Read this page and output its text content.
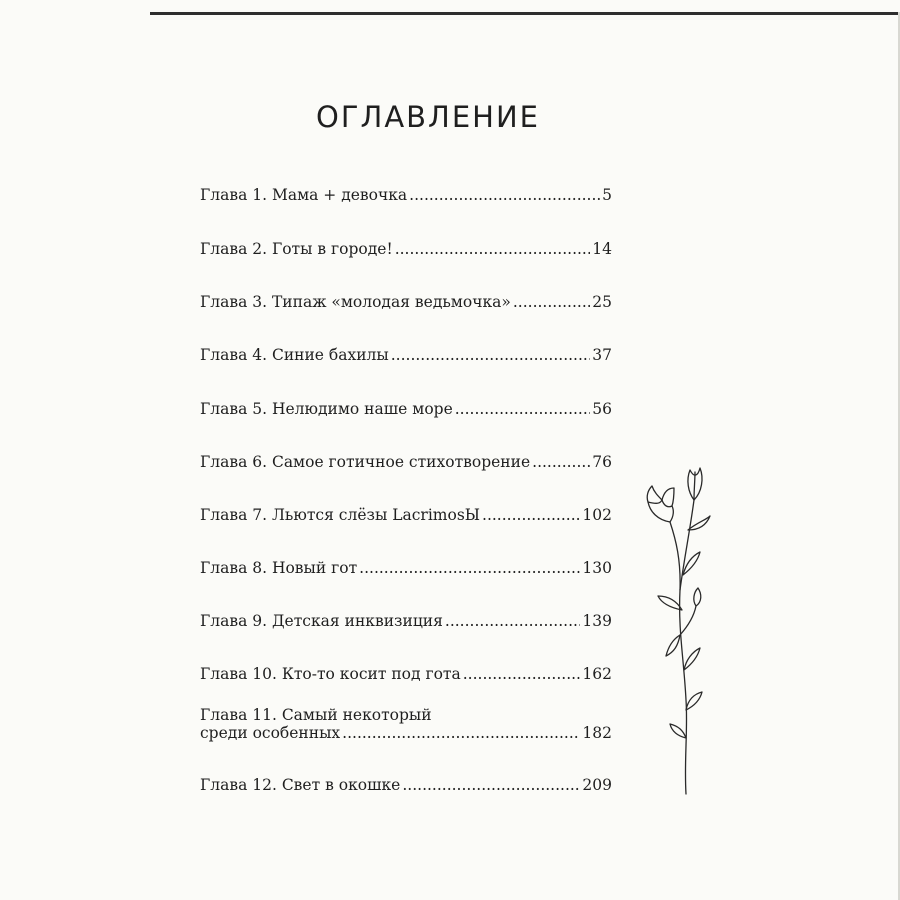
ОГЛАВЛЕНИЕ
Глава 1. Мама + девочка .....	5
Глава 2. Готы в городе! .....	14
Глава 3. Типаж «молодая ведьмочка» .....	25
Глава 4. Синие бахилы .....	37
Глава 5. Нелюдимо наше море .....	56
Глава 6. Самое готичное стихотворение .....	76
Глава 7. Льются слёзы LacrimosЫ .....	102
Глава 8. Новый гот .....	130
Глава 9. Детская инквизиция .....	139
Глава 10. Кто-то косит под гота .....	162
Глава 11. Самый некоторый
среди особенных .....	182
Глава 12. Свет в окошке .....	209
